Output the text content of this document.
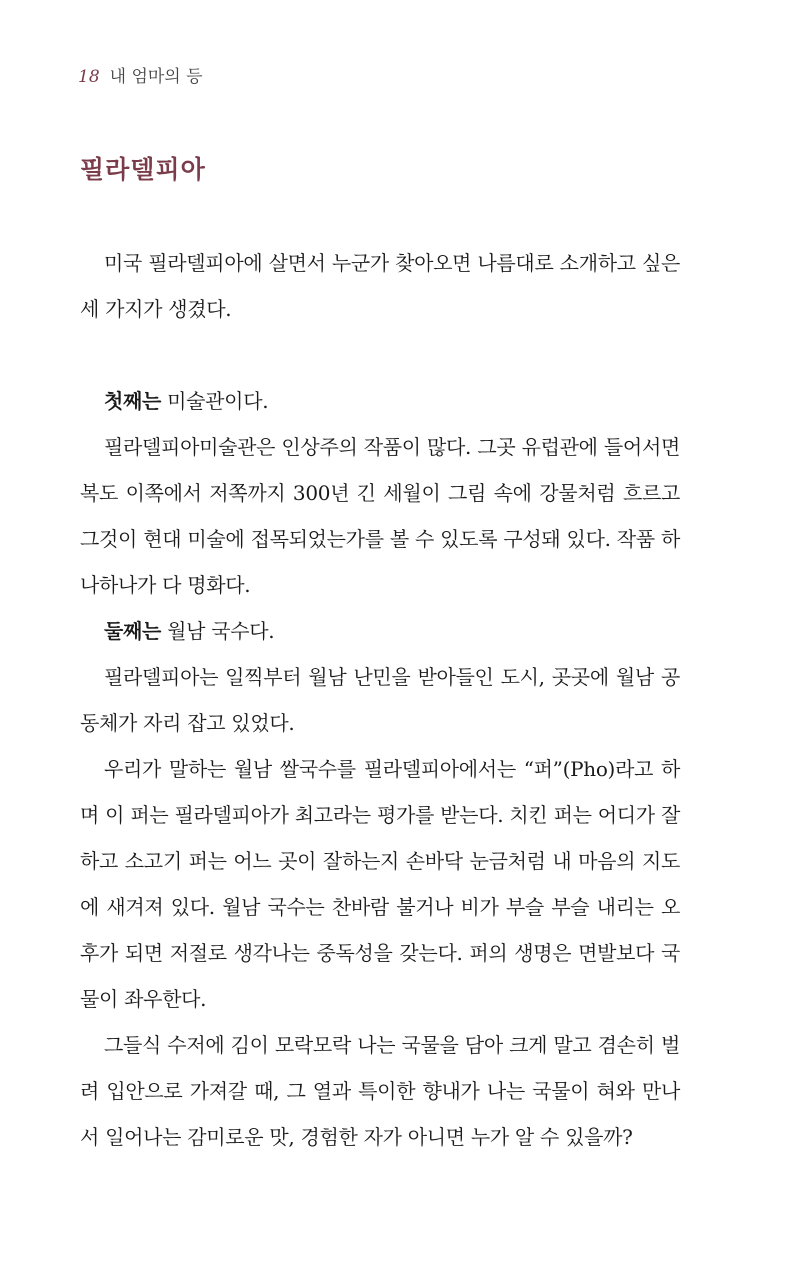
18 내 엄마의 등
필라델피아

미국 필라델피아에 살면서 누군가 찾아오면 나름대로 소개하고 싶은 세 가지가 생겼다.

첫째는 미술관이다.

필라델피아미술관은 인상주의 작품이 많다. 그곳 유럽관에 들어서면 복도 이쪽에서 저쪽까지 300년 긴 세월이 그림 속에 강물처럼 흐르고 그것이 현대 미술에 접목되었는가를 볼 수 있도록 구성돼 있다. 작품 하나하나가 다 명화다.

둘째는 월남 국수다.

필라델피아는 일찍부터 월남 난민을 받아들인 도시, 곳곳에 월남 공동체가 자리 잡고 있었다.

우리가 말하는 월남 쌀국수를 필라델피아에서는 “퍼”(Pho)라고 하며 이 퍼는 필라델피아가 최고라는 평가를 받는다. 치킨 퍼는 어디가 잘하고 소고기 퍼는 어느 곳이 잘하는지 손바닥 눈금처럼 내 마음의 지도에 새겨져 있다. 월남 국수는 찬바람 불거나 비가 부슬 부슬 내리는 오후가 되면 저절로 생각나는 중독성을 갖는다. 퍼의 생명은 면발보다 국물이 좌우한다.

그들식 수저에 김이 모락모락 나는 국물을 담아 크게 말고 겸손히 벌려 입안으로 가져갈 때, 그 열과 특이한 향내가 나는 국물이 혀와 만나서 일어나는 감미로운 맛, 경험한 자가 아니면 누가 알 수 있을까?
